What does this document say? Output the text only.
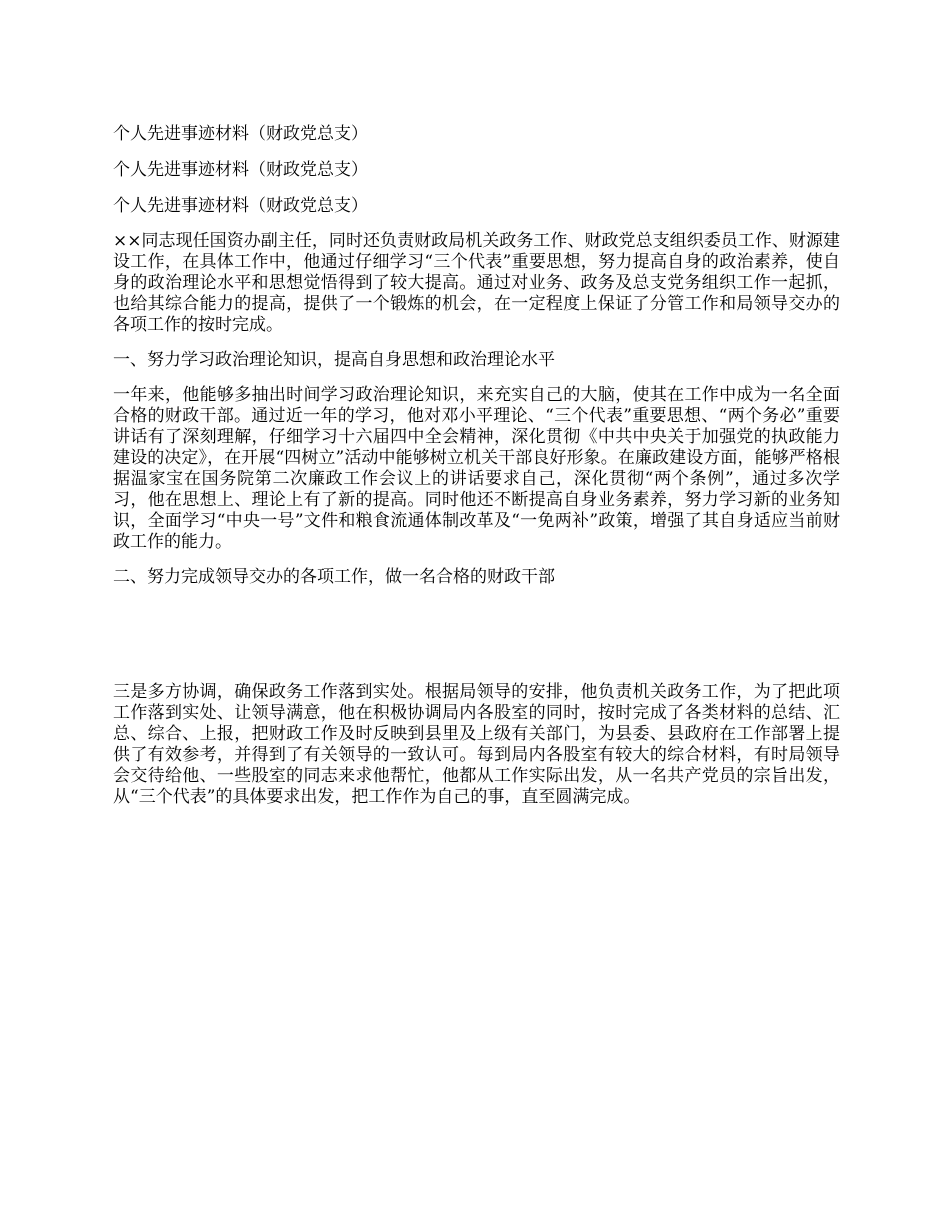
个人先进事迹材料（财政党总支）

个人先进事迹材料（财政党总支）

个人先进事迹材料（财政党总支）

××同志现任国资办副主任，同时还负责财政局机关政务工作、财政党总支组织委员工作、财源建设工作，在具体工作中，他通过仔细学习“三个代表”重要思想，努力提高自身的政治素养，使自身的政治理论水平和思想觉悟得到了较大提高。通过对业务、政务及总支党务组织工作一起抓，也给其综合能力的提高，提供了一个锻炼的机会，在一定程度上保证了分管工作和局领导交办的各项工作的按时完成。

一、努力学习政治理论知识，提高自身思想和政治理论水平

一年来，他能够多抽出时间学习政治理论知识，来充实自己的大脑，使其在工作中成为一名全面合格的财政干部。通过近一年的学习，他对邓小平理论、“三个代表”重要思想、“两个务必”重要讲话有了深刻理解，仔细学习十六届四中全会精神，深化贯彻《中共中央关于加强党的执政能力建设的决定》，在开展“四树立”活动中能够树立机关干部良好形象。在廉政建设方面，能够严格根据温家宝在国务院第二次廉政工作会议上的讲话要求自己，深化贯彻“两个条例”，通过多次学习，他在思想上、理论上有了新的提高。同时他还不断提高自身业务素养，努力学习新的业务知识，全面学习“中央一号”文件和粮食流通体制改革及“一免两补”政策，增强了其自身适应当前财政工作的能力。

二、努力完成领导交办的各项工作，做一名合格的财政干部

三是多方协调，确保政务工作落到实处。根据局领导的安排，他负责机关政务工作，为了把此项工作落到实处、让领导满意，他在积极协调局内各股室的同时，按时完成了各类材料的总结、汇总、综合、上报，把财政工作及时反映到县里及上级有关部门，为县委、县政府在工作部署上提供了有效参考，并得到了有关领导的一致认可。每到局内各股室有较大的综合材料，有时局领导会交待给他、一些股室的同志来求他帮忙，他都从工作实际出发，从一名共产党员的宗旨出发，从“三个代表”的具体要求出发，把工作作为自己的事，直至圆满完成。
